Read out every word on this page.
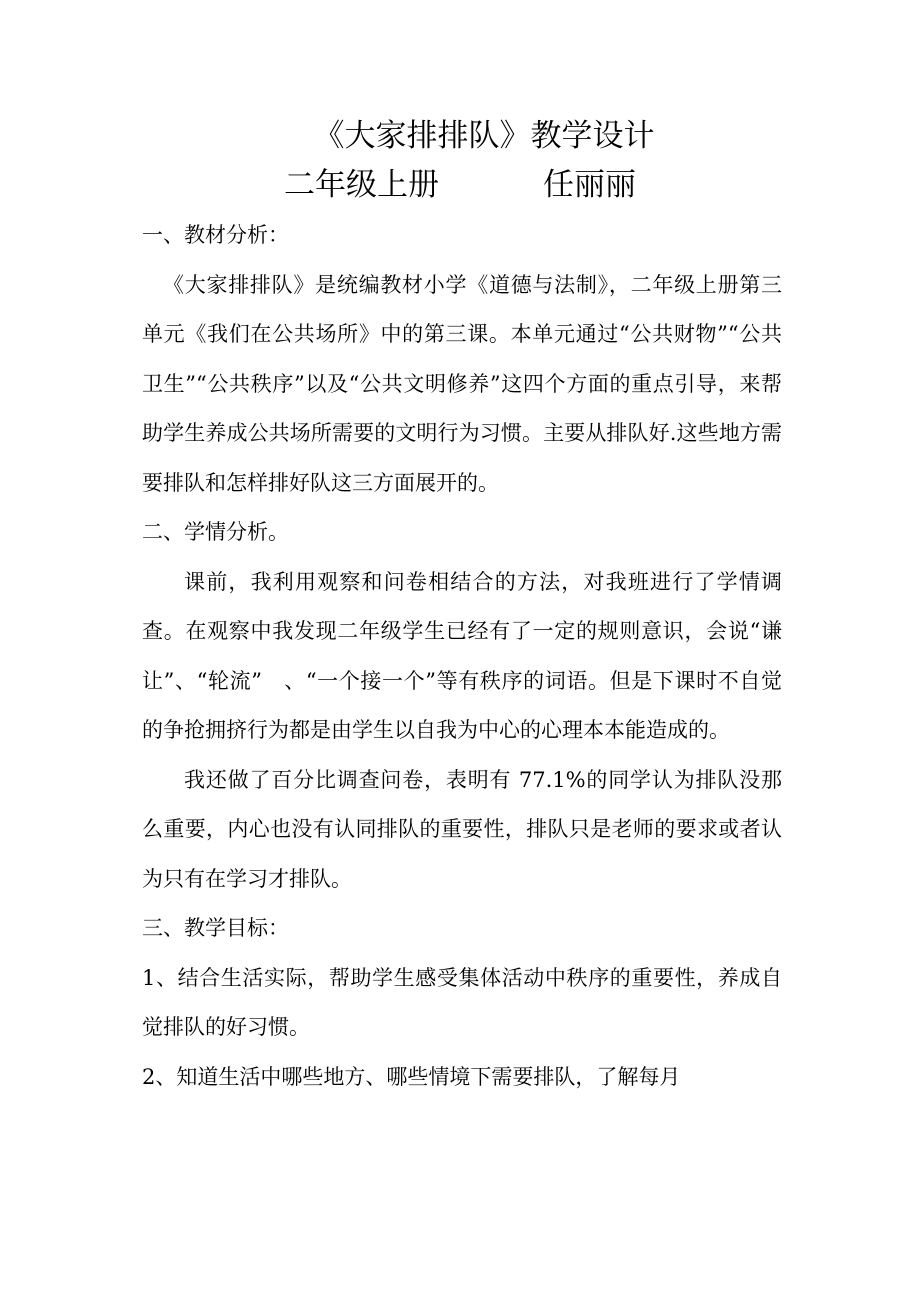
《大家排排队》教学设计
二年级上册	任丽丽

一、教材分析：

《大家排排队》是统编教材小学《道德与法制》，二年级上册第三单元《我们在公共场所》中的第三课。本单元通过“公共财物”“公共卫生”“公共秩序”以及“公共文明修养”这四个方面的重点引导，来帮助学生养成公共场所需要的文明行为习惯。主要从排队好.这些地方需要排队和怎样排好队这三方面展开的。

二、学情分析。

课前，我利用观察和问卷相结合的方法，对我班进行了学情调查。在观察中我发现二年级学生已经有了一定的规则意识，会说“谦让”、“轮流”　、“一个接一个”等有秩序的词语。但是下课时不自觉的争抢拥挤行为都是由学生以自我为中心的心理本本能造成的。

我还做了百分比调查问卷，表明有 77.1%的同学认为排队没那么重要，内心也没有认同排队的重要性，排队只是老师的要求或者认为只有在学习才排队。

三、教学目标：

1、结合生活实际，帮助学生感受集体活动中秩序的重要性，养成自觉排队的好习惯。

2、知道生活中哪些地方、哪些情境下需要排队，了解每月
